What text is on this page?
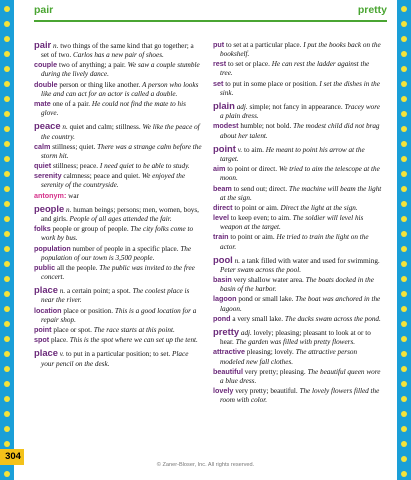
pair	pretty
pair n. two things of the same kind that go together; a set of two. Carlos has a new pair of shoes.
couple two of anything; a pair. We saw a couple stumble during the lively dance.
double person or thing like another. A person who looks like and can act for an actor is called a double.
mate one of a pair. He could not find the mate to his glove.
peace n. quiet and calm; stillness. We like the peace of the country.
calm stillness; quiet. There was a strange calm before the storm hit.
quiet stillness; peace. I need quiet to be able to study.
serenity calmness; peace and quiet. We enjoyed the serenity of the countryside.
antonym: war
people n. human beings; persons; men, women, boys, and girls. People of all ages attended the fair.
folks people or group of people. The city folks come to work by bus.
population number of people in a specific place. The population of our town is 3,500 people.
public all the people. The public was invited to the free concert.
place n. a certain point; a spot. The coolest place is near the river.
location place or position. This is a good location for a repair shop.
point place or spot. The race starts at this point.
spot place. This is the spot where we can set up the tent.
place v. to put in a particular position; to set. Place your pencil on the desk.
put to set at a particular place. I put the books back on the bookshelf.
rest to set or place. He can rest the ladder against the tree.
set to put in some place or position. I set the dishes in the sink.
plain adj. simple; not fancy in appearance. Tracey wore a plain dress.
modest humble; not bold. The modest child did not brag about her talent.
point v. to aim. He meant to point his arrow at the target.
aim to point or direct. We tried to aim the telescope at the moon.
beam to send out; direct. The machine will beam the light at the sign.
direct to point or aim. Direct the light at the sign.
level to keep even; to aim. The soldier will level his weapon at the target.
train to point or aim. He tried to train the light on the actor.
pool n. a tank filled with water and used for swimming. Peter swam across the pool.
basin very shallow water area. The boats docked in the basin of the harbor.
lagoon pond or small lake. The boat was anchored in the lagoon.
pond a very small lake. The ducks swam across the pond.
pretty adj. lovely; pleasing; pleasant to look at or to hear. The garden was filled with pretty flowers.
attractive pleasing; lovely. The attractive person modeled new fall clothes.
beautiful very pretty; pleasing. The beautiful queen wore a blue dress.
lovely very pretty; beautiful. The lovely flowers filled the room with color.
304
© Zaner-Bloser, Inc. All rights reserved.
